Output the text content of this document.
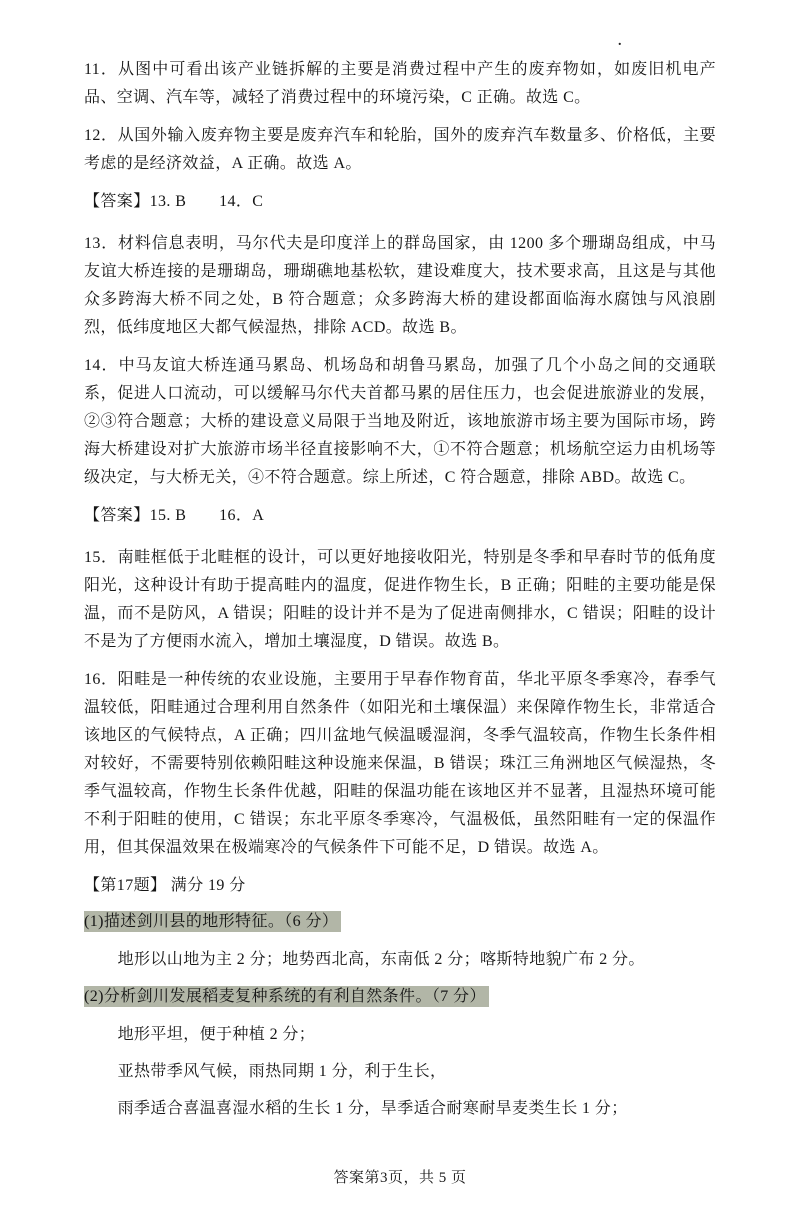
.

11．从图中可看出该产业链拆解的主要是消费过程中产生的废弃物如，如废旧机电产品、空调、汽车等，减轻了消费过程中的环境污染，C 正确。故选 C。

12．从国外输入废弃物主要是废弃汽车和轮胎，国外的废弃汽车数量多、价格低，主要考虑的是经济效益，A 正确。故选 A。

【答案】13. B　　14．C

13．材料信息表明，马尔代夫是印度洋上的群岛国家，由 1200 多个珊瑚岛组成，中马友谊大桥连接的是珊瑚岛，珊瑚礁地基松软，建设难度大，技术要求高，且这是与其他众多跨海大桥不同之处，B 符合题意；众多跨海大桥的建设都面临海水腐蚀与风浪剧烈，低纬度地区大都气候湿热，排除 ACD。故选 B。

14．中马友谊大桥连通马累岛、机场岛和胡鲁马累岛，加强了几个小岛之间的交通联系，促进人口流动，可以缓解马尔代夫首都马累的居住压力，也会促进旅游业的发展，②③符合题意；大桥的建设意义局限于当地及附近，该地旅游市场主要为国际市场，跨海大桥建设对扩大旅游市场半径直接影响不大，①不符合题意；机场航空运力由机场等级决定，与大桥无关，④不符合题意。综上所述，C 符合题意，排除 ABD。故选 C。

【答案】15. B　　16．A

15．南畦框低于北畦框的设计，可以更好地接收阳光，特别是冬季和早春时节的低角度阳光，这种设计有助于提高畦内的温度，促进作物生长，B 正确；阳畦的主要功能是保温，而不是防风，A 错误；阳畦的设计并不是为了促进南侧排水，C 错误；阳畦的设计不是为了方便雨水流入，增加土壤湿度，D 错误。故选 B。

16．阳畦是一种传统的农业设施，主要用于早春作物育苗，华北平原冬季寒冷，春季气温较低，阳畦通过合理利用自然条件（如阳光和土壤保温）来保障作物生长，非常适合该地区的气候特点，A 正确；四川盆地气候温暖湿润，冬季气温较高，作物生长条件相对较好，不需要特别依赖阳畦这种设施来保温，B 错误；珠江三角洲地区气候湿热，冬季气温较高，作物生长条件优越，阳畦的保温功能在该地区并不显著，且湿热环境可能不利于阳畦的使用，C 错误；东北平原冬季寒冷，气温极低，虽然阳畦有一定的保温作用，但其保温效果在极端寒冷的气候条件下可能不足，D 错误。故选 A。

【第17题】 满分 19 分

(1)描述剑川县的地形特征。（6 分）

地形以山地为主 2 分；地势西北高，东南低 2 分；喀斯特地貌广布 2 分。

(2)分析剑川发展稻麦复种系统的有利自然条件。（7 分）

地形平坦，便于种植 2 分；

亚热带季风气候，雨热同期 1 分，利于生长，

雨季适合喜温喜湿水稻的生长 1 分，旱季适合耐寒耐旱麦类生长 1 分；

答案第3页，共 5 页
